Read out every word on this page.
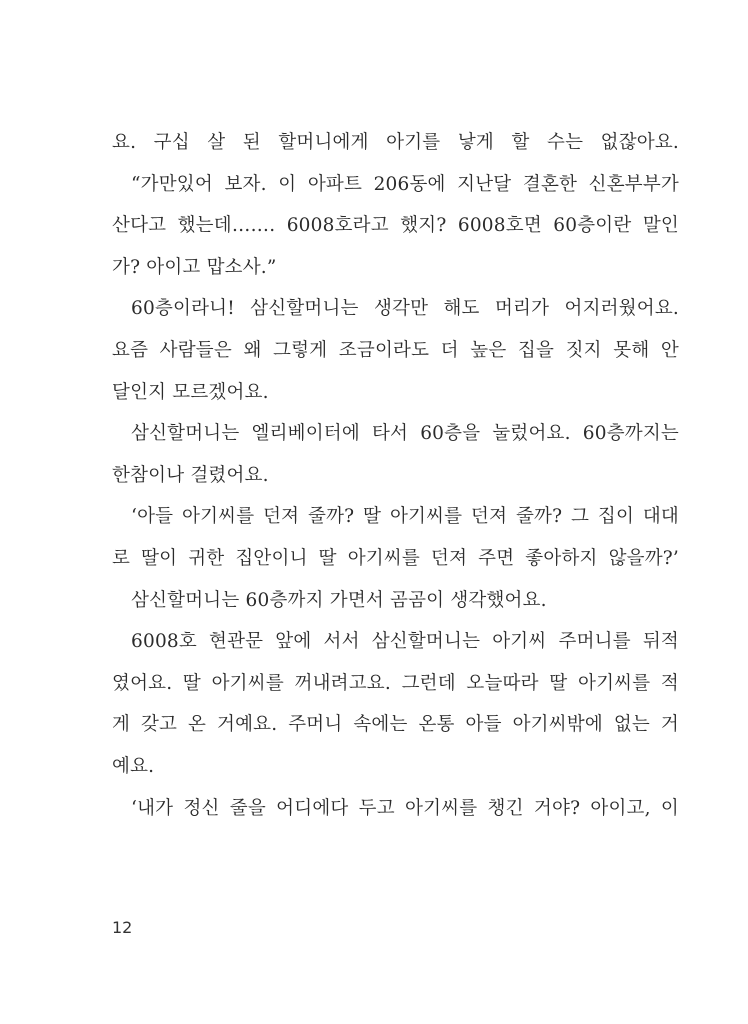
요. 구십 살 된 할머니에게 아기를 낳게 할 수는 없잖아요.
“가만있어 보자. 이 아파트 206동에 지난달 결혼한 신혼부부가
산다고 했는데……. 6008호라고 했지? 6008호면 60층이란 말인
가? 아이고 맙소사.”
60층이라니! 삼신할머니는 생각만 해도 머리가 어지러웠어요.
요즘 사람들은 왜 그렇게 조금이라도 더 높은 집을 짓지 못해 안
달인지 모르겠어요.
삼신할머니는 엘리베이터에 타서 60층을 눌렀어요. 60층까지는
한참이나 걸렸어요.
‘아들 아기씨를 던져 줄까? 딸 아기씨를 던져 줄까? 그 집이 대대
로 딸이 귀한 집안이니 딸 아기씨를 던져 주면 좋아하지 않을까?’
삼신할머니는 60층까지 가면서 곰곰이 생각했어요.
6008호 현관문 앞에 서서 삼신할머니는 아기씨 주머니를 뒤적
였어요. 딸 아기씨를 꺼내려고요. 그런데 오늘따라 딸 아기씨를 적
게 갖고 온 거예요. 주머니 속에는 온통 아들 아기씨밖에 없는 거
예요.
‘내가 정신 줄을 어디에다 두고 아기씨를 챙긴 거야? 아이고, 이
12
